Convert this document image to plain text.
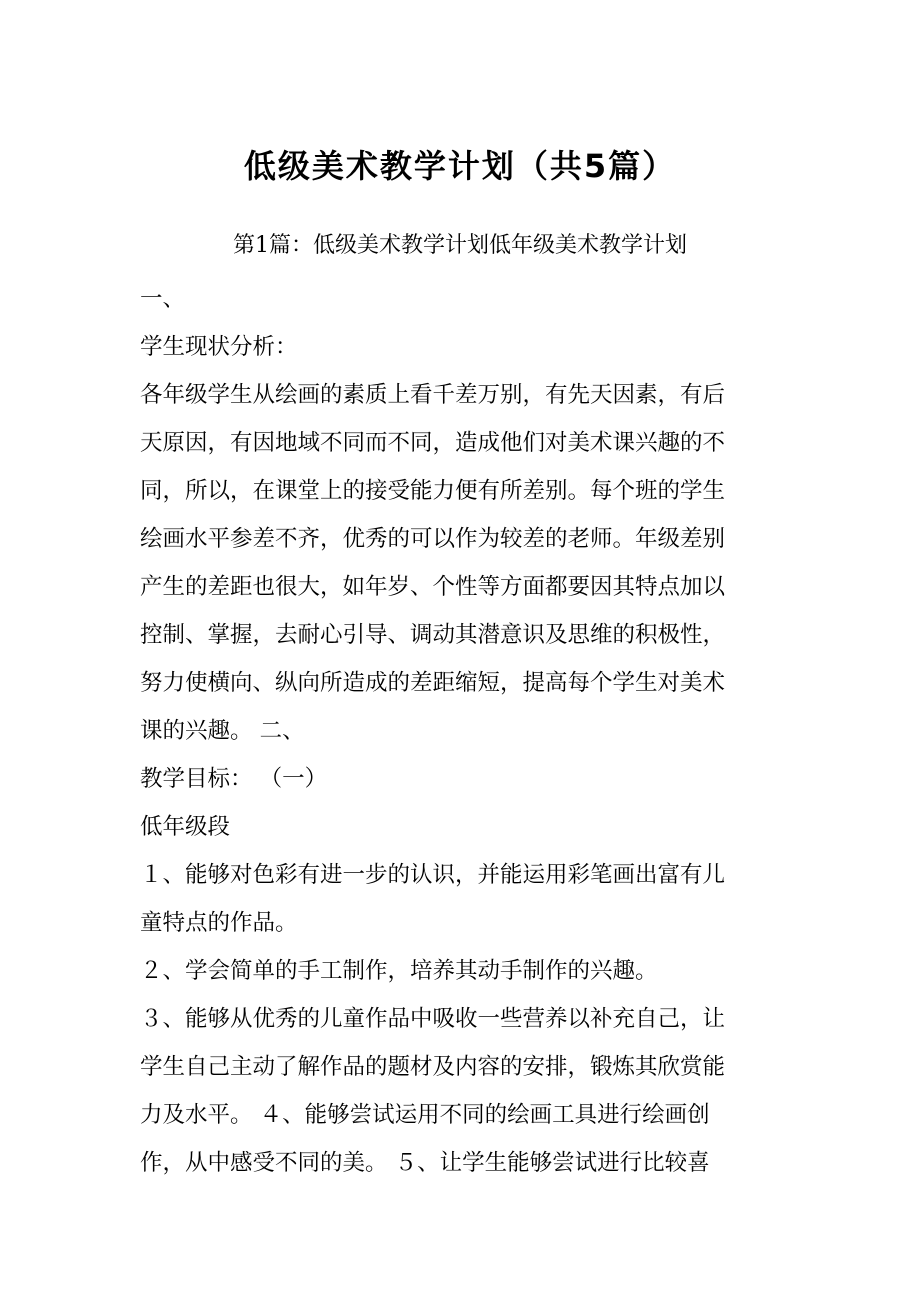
低级美术教学计划（共5篇）
第1篇：低级美术教学计划低年级美术教学计划
一、
学生现状分析：
各年级学生从绘画的素质上看千差万别，有先天因素，有后
天原因，有因地域不同而不同，造成他们对美术课兴趣的不
同，所以，在课堂上的接受能力便有所差别。每个班的学生
绘画水平参差不齐，优秀的可以作为较差的老师。年级差别
产生的差距也很大，如年岁、个性等方面都要因其特点加以
控制、掌握，去耐心引导、调动其潜意识及思维的积极性，
努力使横向、纵向所造成的差距缩短，提高每个学生对美术
课的兴趣。 二、
教学目标： （一）
低年级段
１、能够对色彩有进一步的认识，并能运用彩笔画出富有儿
童特点的作品。
２、学会简单的手工制作，培养其动手制作的兴趣。
３、能够从优秀的儿童作品中吸收一些营养以补充自己，让
学生自己主动了解作品的题材及内容的安排，锻炼其欣赏能
力及水平。 ４、能够尝试运用不同的绘画工具进行绘画创
作，从中感受不同的美。 ５、让学生能够尝试进行比较喜
